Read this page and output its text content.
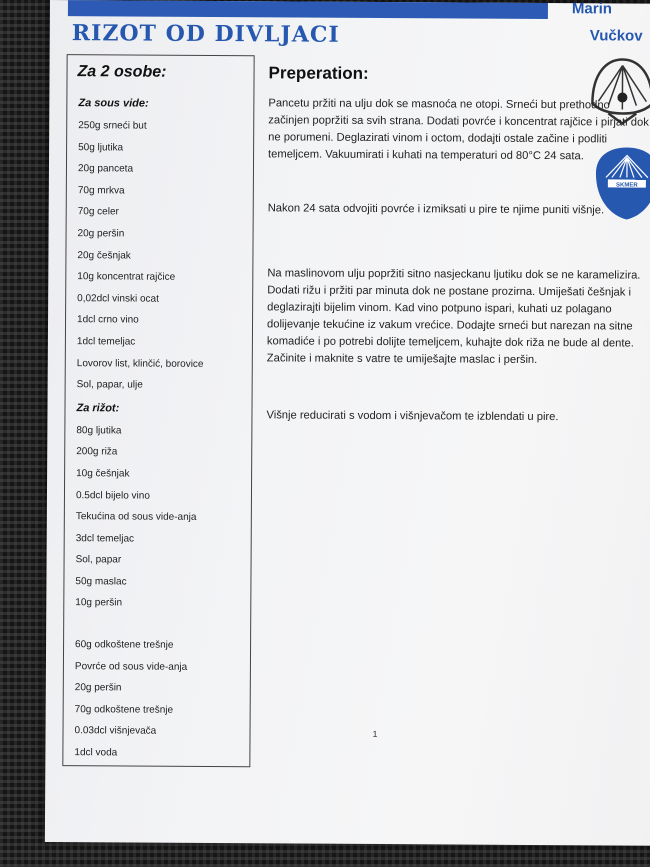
RIZOT OD DIVLJACI
Marin
Vučkov
SKMER
Za 2 osobe:
Za sous vide:
250g srneći but
50g ljutika
20g panceta
70g mrkva
70g celer
20g peršin
20g češnjak
10g koncentrat rajčice
0,02dcl vinski ocat
1dcl crno vino
1dcl temeljac
Lovorov list, klinčić, borovice
Sol, papar, ulje
Za rižot:
80g ljutika
200g riža
10g češnjak
0.5dcl bijelo vino
Tekućina od sous vide-anja
3dcl temeljac
Sol, papar
50g maslac
10g peršin
60g odkoštene trešnje
Povrće od sous vide-anja
20g peršin
70g odkoštene trešnje
0.03dcl višnjevača
1dcl voda
Preperation:

Pancetu pržiti na ulju dok se masnoća ne otopi. Srneći but prethodno začinjen popržiti sa svih strana. Dodati povrće i koncentrat rajčice i pirjati dok ne porumeni. Deglazirati vinom i octom, dodajti ostale začine i podliti temeljcem. Vakuumirati i kuhati na temperaturi od 80°C 24 sata.

Nakon 24 sata odvojiti povrće i izmiksati u pire te njime puniti višnje.

Na maslinovom ulju popržiti sitno nasjeckanu ljutiku dok se ne karamelizira. Dodati rižu i pržiti par minuta dok ne postane prozirna. Umiješati češnjak i deglazirajti bijelim vinom. Kad vino potpuno ispari, kuhati uz polagano dolijevanje tekućine iz vakum vrećice. Dodajte srneći but narezan na sitne komadiće i po potrebi dolijte temeljcem, kuhajte dok riža ne bude al dente. Začinite i maknite s vatre te umiješajte maslac i peršin.

Višnje reducirati s vodom i višnjevačom te izblendati u pire.

1
